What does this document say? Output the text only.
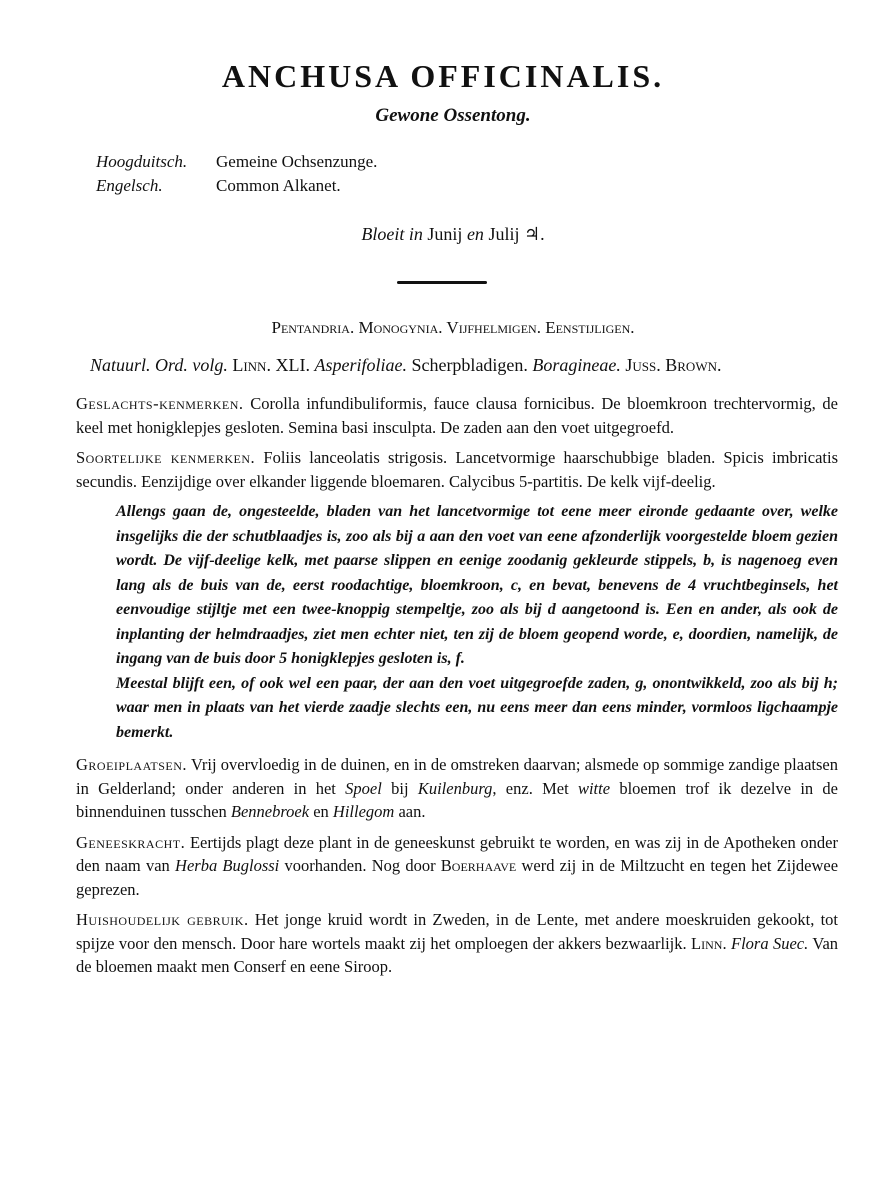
ANCHUSA OFFICINALIS.
Gewone Ossentong.
Hoogduitsch.	Gemeine Ochsenzunge.
Engelsch.	Common Alkanet.
Bloeit in Junij en Julij ♃.
Pentandria. Monogynia. Vijfhelmigen. Eenstijligen.
Natuurl. Ord. volg. Linn. XLI. Asperifoliae. Scherpbladigen. Boragineae. Juss. Brown.
Geslachts-kenmerken. Corolla infundibuliformis, fauce clausa fornicibus. De bloemkroon trechtervormig, de keel met honigklepjes gesloten. Semina basi insculpta. De zaden aan den voet uitgegroefd.
Soortelijke kenmerken. Foliis lanceolatis strigosis. Lancetvormige haarschubbige bladen. Spicis imbricatis secundis. Eenzijdige over elkander liggende bloemaren. Calycibus 5-partitis. De kelk vijf-deelig.
Allengs gaan de, ongesteelde, bladen van het lancetvormige tot eene meer eironde gedaante over, welke insgelijks die der schutblaadjes is, zoo als bij a aan den voet van eene afzonderlijk voorgestelde bloem gezien wordt. De vijf-deelige kelk, met paarse slippen en eenige zoodanig gekleurde stippels, b, is nagenoeg even lang als de buis van de, eerst roodachtige, bloemkroon, c, en bevat, benevens de 4 vruchtbeginsels, het eenvoudige stijltje met een twee-knoppig stempeltje, zoo als bij d aangetoond is. Een en ander, als ook de inplanting der helmdraadjes, ziet men echter niet, ten zij de bloem geopend worde, e, doordien, namelijk, de ingang van de buis door 5 honigklepjes gesloten is, f.
Meestal blijft een, of ook wel een paar, der aan den voet uitgegroefde zaden, g, onontwikkeld, zoo als bij h; waar men in plaats van het vierde zaadje slechts een, nu eens meer dan eens minder, vormloos ligchaampje bemerkt.
Groeiplaatsen. Vrij overvloedig in de duinen, en in de omstreken daarvan; alsmede op sommige zandige plaatsen in Gelderland; onder anderen in het Spoel bij Kuilenburg, enz. Met witte bloemen trof ik dezelve in de binnenduinen tusschen Bennebroek en Hillegom aan.
Geneeskracht. Eertijds plagt deze plant in de geneeskunst gebruikt te worden, en was zij in de Apotheken onder den naam van Herba Buglossi voorhanden. Nog door Boerhaave werd zij in de Miltzucht en tegen het Zijdewee geprezen.
Huishoudelijk gebruik. Het jonge kruid wordt in Zweden, in de Lente, met andere moeskruiden gekookt, tot spijze voor den mensch. Door hare wortels maakt zij het omploegen der akkers bezwaarlijk. Linn. Flora Suec. Van de bloemen maakt men Conserf en eene Siroop.
